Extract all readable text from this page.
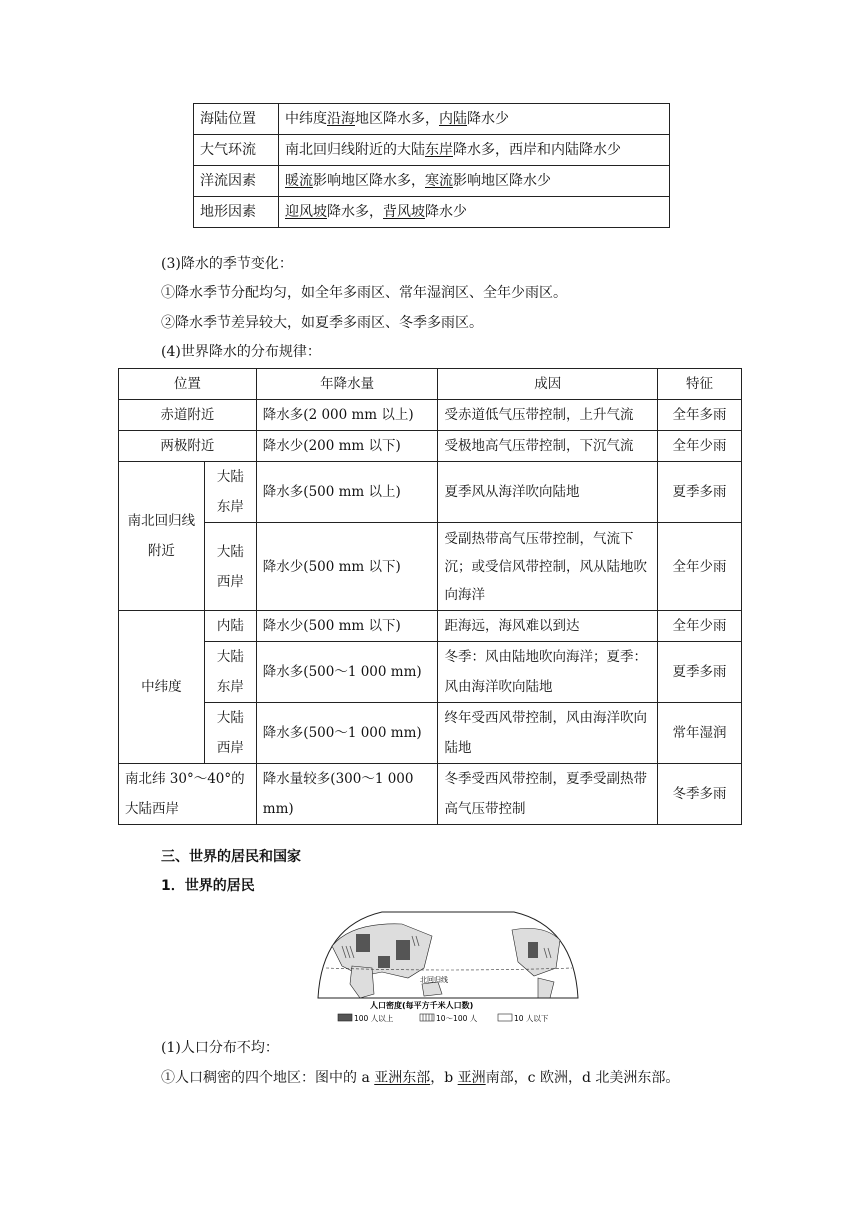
海陆位置	中纬度沿海地区降水多，内陆降水少
大气环流	南北回归线附近的大陆东岸降水多，西岸和内陆降水少
洋流因素	暖流影响地区降水多，寒流影响地区降水少
地形因素	迎风坡降水多，背风坡降水少
(3)降水的季节变化：
①降水季节分配均匀，如全年多雨区、常年湿润区、全年少雨区。
②降水季节差异较大，如夏季多雨区、冬季多雨区。
(4)世界降水的分布规律：
位置		年降水量	成因	特征
赤道附近		降水多(2 000 mm 以上)	受赤道低气压带控制，上升气流	全年多雨
两极附近		降水少(200 mm 以下)	受极地高气压带控制，下沉气流	全年少雨
南北回归线附近	大陆东岸	降水多(500 mm 以上)	夏季风从海洋吹向陆地	夏季多雨
	大陆西岸	降水少(500 mm 以下)	受副热带高气压带控制，气流下沉；或受信风带控制，风从陆地吹向海洋	全年少雨
中纬度	内陆	降水少(500 mm 以下)	距海远，海风难以到达	全年少雨
	大陆东岸	降水多(500～1 000 mm)	冬季：风由陆地吹向海洋；夏季：风由海洋吹向陆地	夏季多雨
	大陆西岸	降水多(500～1 000 mm)	终年受西风带控制，风由海洋吹向陆地	常年湿润
南北纬 30°～40°的大陆西岸		降水量较多(300～1 000 mm)	冬季受西风带控制，夏季受副热带高气压带控制	冬季多雨
三、世界的居民和国家
1．世界的居民
北回归线
人口密度(每平方千米人口数)
100 人以上	10～100 人	10 人以下
(1)人口分布不均：
①人口稠密的四个地区：图中的 a 亚洲东部，b 亚洲南部，c 欧洲，d 北美洲东部。
